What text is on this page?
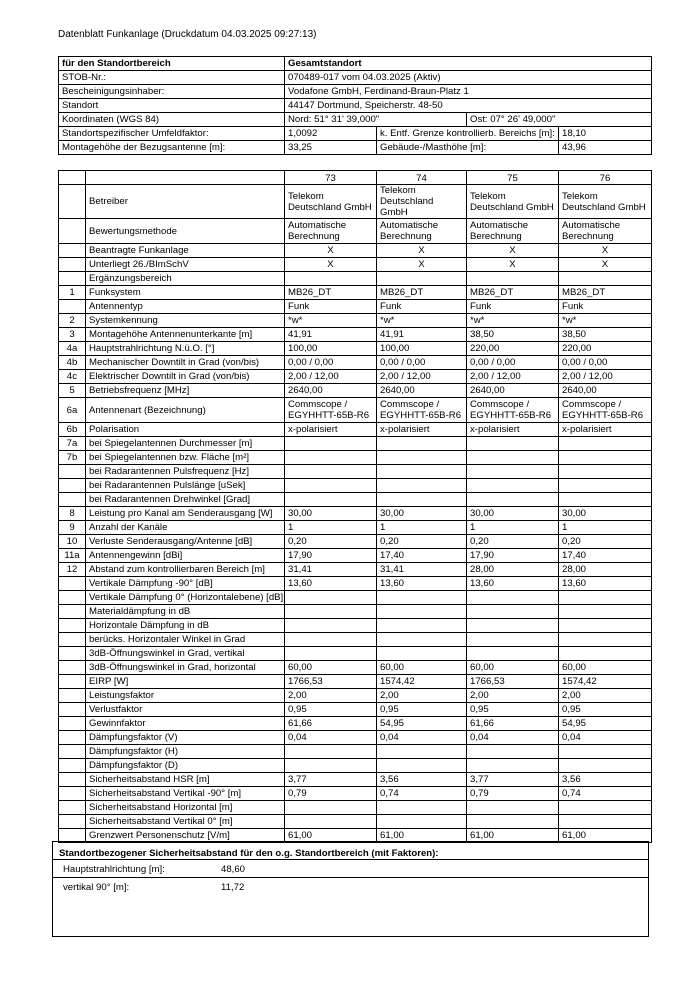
Datenblatt Funkanlage (Druckdatum 04.03.2025 09:27:13)
für den Standortbereich	Gesamtstandort			
STOB-Nr.:	070489-017 vom 04.03.2025 (Aktiv)			
Bescheinigungsinhaber:	Vodafone GmbH, Ferdinand-Braun-Platz 1			
Standort	44147 Dortmund, Speicherstr. 48-50			
Koordinaten (WGS 84)	Nord: 51° 31' 39,000"		Ost: 07° 26' 49,000"	
Standortspezifischer Umfeldfaktor:	1,0092	k. Entf. Grenze kontrollierb. Bereichs [m]:		18,10
Montagehöhe der Bezugsantenne [m]:	33,25	Gebäude-/Masthöhe [m]:		43,96
		73	74	75	76
	Betreiber	Telekom Deutschland GmbH	Telekom Deutschland GmbH	Telekom Deutschland GmbH	Telekom Deutschland GmbH
	Bewertungsmethode	Automatische Berechnung	Automatische Berechnung	Automatische Berechnung	Automatische Berechnung
	Beantragte Funkanlage	X	X	X	X
	Unterliegt 26./BImSchV	X	X	X	X
	Ergänzungsbereich				
1	Funksystem	MB26_DT	MB26_DT	MB26_DT	MB26_DT
	Antennentyp	Funk	Funk	Funk	Funk
2	Systemkennung	*w*	*w*	*w*	*w*
3	Montagehöhe Antennenunterkante [m]	41,91	41,91	38,50	38,50
4a	Hauptstrahlrichtung N.ü.O. [°]	100,00	100,00	220,00	220,00
4b	Mechanischer Downtilt in Grad (von/bis)	0,00 / 0,00	0,00 / 0,00	0,00 / 0,00	0,00 / 0,00
4c	Elektrischer Downtilt in Grad (von/bis)	2,00 / 12,00	2,00 / 12,00	2,00 / 12,00	2,00 / 12,00
5	Betriebsfrequenz [MHz]	2640,00	2640,00	2640,00	2640,00
6a	Antennenart (Bezeichnung)	Commscope / EGYHHTT-65B-R6	Commscope / EGYHHTT-65B-R6	Commscope / EGYHHTT-65B-R6	Commscope / EGYHHTT-65B-R6
6b	Polarisation	x-polarisiert	x-polarisiert	x-polarisiert	x-polarisiert
7a	bei Spiegelantennen Durchmesser [m]				
7b	bei Spiegelantennen bzw. Fläche [m²]				
	bei Radarantennen Pulsfrequenz [Hz]				
	bei Radarantennen Pulslänge [uSek]				
	bei Radarantennen Drehwinkel [Grad]				
8	Leistung pro Kanal am Senderausgang [W]	30,00	30,00	30,00	30,00
9	Anzahl der Kanäle	1	1	1	1
10	Verluste Senderausgang/Antenne [dB]	0,20	0,20	0,20	0,20
11a	Antennengewinn [dBi]	17,90	17,40	17,90	17,40
12	Abstand zum kontrollierbaren Bereich [m]	31,41	31,41	28,00	28,00
	Vertikale Dämpfung -90° [dB]	13,60	13,60	13,60	13,60
	Vertikale Dämpfung 0° (Horizontalebene) [dB]				
	Materialdämpfung in dB				
	Horizontale Dämpfung in dB				
	berücks. Horizontaler Winkel in Grad				
	3dB-Öffnungswinkel in Grad, vertikal				
	3dB-Öffnungswinkel in Grad, horizontal	60,00	60,00	60,00	60,00
	EIRP [W]	1766,53	1574,42	1766,53	1574,42
	Leistungsfaktor	2,00	2,00	2,00	2,00
	Verlustfaktor	0,95	0,95	0,95	0,95
	Gewinnfaktor	61,66	54,95	61,66	54,95
	Dämpfungsfaktor (V)	0,04	0,04	0,04	0,04
	Dämpfungsfaktor (H)				
	Dämpfungsfaktor (D)				
	Sicherheitsabstand HSR [m]	3,77	3,56	3,77	3,56
	Sicherheitsabstand Vertikal -90° [m]	0,79	0,74	0,79	0,74
	Sicherheitsabstand Horizontal [m]				
	Sicherheitsabstand Vertikal 0° [m]				
	Grenzwert Personenschutz [V/m]	61,00	61,00	61,00	61,00
Standortbezogener Sicherheitsabstand für den o.g. Standortbereich (mit Faktoren):
Hauptstrahlrichtung [m]:	48,60
vertikal 90° [m]:	11,72
